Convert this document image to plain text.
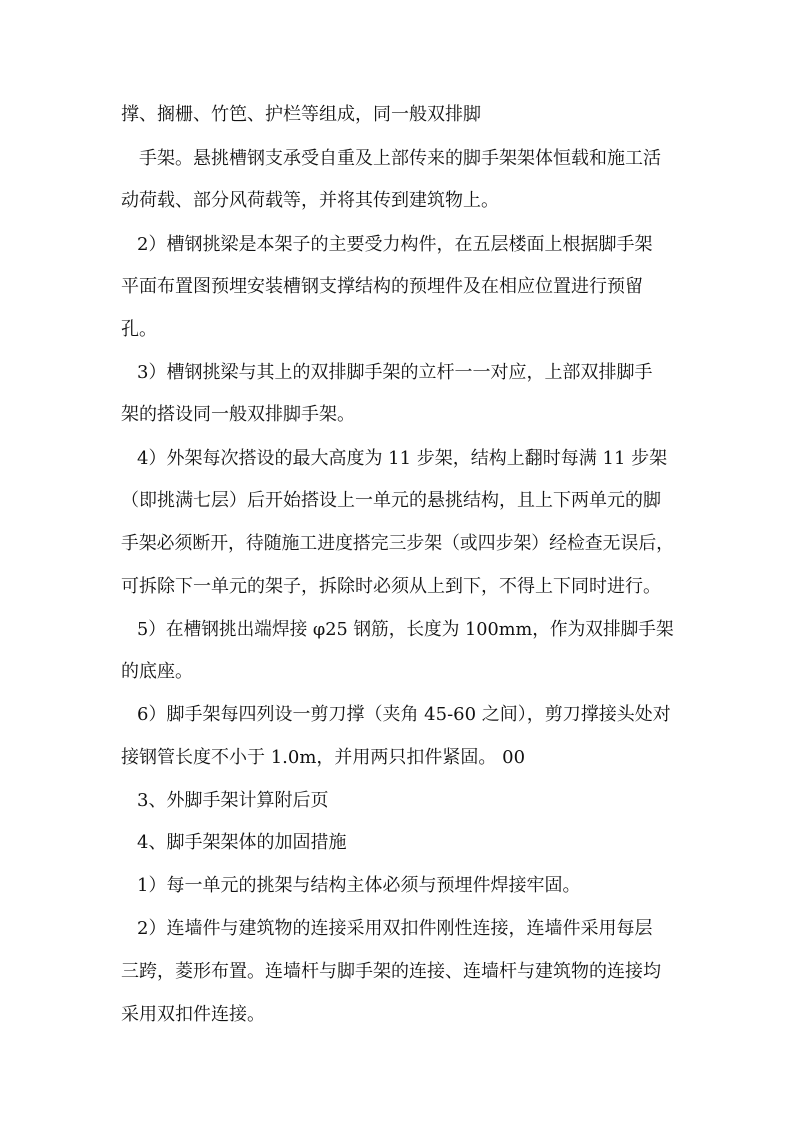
撑、搁栅、竹笆、护栏等组成，同一般双排脚
手架。悬挑槽钢支承受自重及上部传来的脚手架架体恒载和施工活
动荷载、部分风荷载等，并将其传到建筑物上。
2）槽钢挑梁是本架子的主要受力构件，在五层楼面上根据脚手架
平面布置图预埋安装槽钢支撑结构的预埋件及在相应位置进行预留
孔。
3）槽钢挑梁与其上的双排脚手架的立杆一一对应，上部双排脚手
架的搭设同一般双排脚手架。
4）外架每次搭设的最大高度为 11 步架，结构上翻时每满 11 步架
（即挑满七层）后开始搭设上一单元的悬挑结构，且上下两单元的脚
手架必须断开，待随施工进度搭完三步架（或四步架）经检查无误后，
可拆除下一单元的架子，拆除时必须从上到下，不得上下同时进行。
5）在槽钢挑出端焊接 φ25 钢筋，长度为 100mm，作为双排脚手架
的底座。
6）脚手架每四列设一剪刀撑（夹角 45-60 之间），剪刀撑接头处对
接钢管长度不小于 1.0m，并用两只扣件紧固。 00
3、外脚手架计算附后页
4、脚手架架体的加固措施
1）每一单元的挑架与结构主体必须与预埋件焊接牢固。
2）连墙件与建筑物的连接采用双扣件刚性连接，连墙件采用每层
三跨，菱形布置。连墙杆与脚手架的连接、连墙杆与建筑物的连接均
采用双扣件连接。
